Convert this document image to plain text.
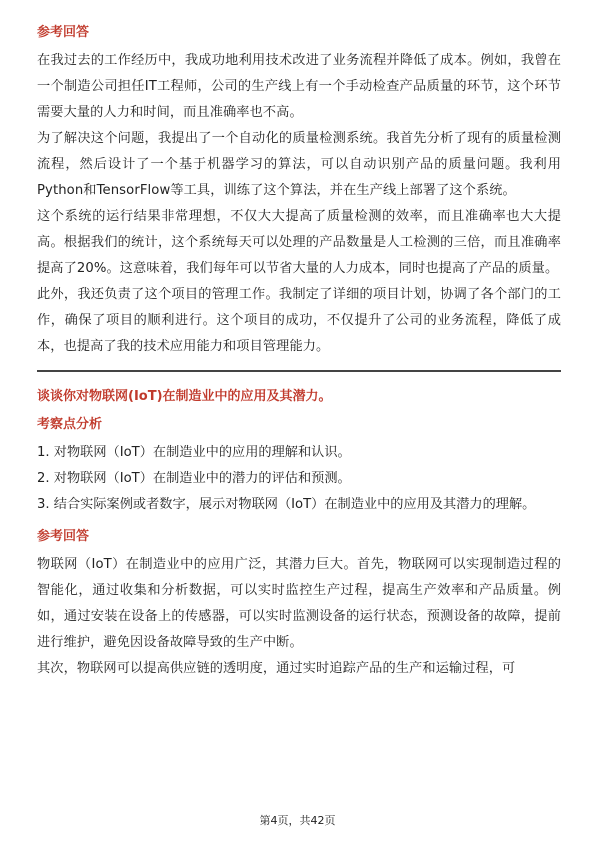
参考回答

在我过去的工作经历中，我成功地利用技术改进了业务流程并降低了成本。例如，我曾在一个制造公司担任IT工程师，公司的生产线上有一个手动检查产品质量的环节，这个环节需要大量的人力和时间，而且准确率也不高。

为了解决这个问题，我提出了一个自动化的质量检测系统。我首先分析了现有的质量检测流程，然后设计了一个基于机器学习的算法，可以自动识别产品的质量问题。我利用Python和TensorFlow等工具，训练了这个算法，并在生产线上部署了这个系统。

这个系统的运行结果非常理想，不仅大大提高了质量检测的效率，而且准确率也大大提高。根据我们的统计，这个系统每天可以处理的产品数量是人工检测的三倍，而且准确率提高了20%。这意味着，我们每年可以节省大量的人力成本，同时也提高了产品的质量。

此外，我还负责了这个项目的管理工作。我制定了详细的项目计划，协调了各个部门的工作，确保了项目的顺利进行。这个项目的成功，不仅提升了公司的业务流程，降低了成本，也提高了我的技术应用能力和项目管理能力。

谈谈你对物联网(IoT)在制造业中的应用及其潜力。

考察点分析

1. 对物联网（IoT）在制造业中的应用的理解和认识。
2. 对物联网（IoT）在制造业中的潜力的评估和预测。
3. 结合实际案例或者数字，展示对物联网（IoT）在制造业中的应用及其潜力的理解。

参考回答

物联网（IoT）在制造业中的应用广泛，其潜力巨大。首先，物联网可以实现制造过程的智能化，通过收集和分析数据，可以实时监控生产过程，提高生产效率和产品质量。例如，通过安装在设备上的传感器，可以实时监测设备的运行状态，预测设备的故障，提前进行维护，避免因设备故障导致的生产中断。

其次，物联网可以提高供应链的透明度，通过实时追踪产品的生产和运输过程，可

第4页，共42页
